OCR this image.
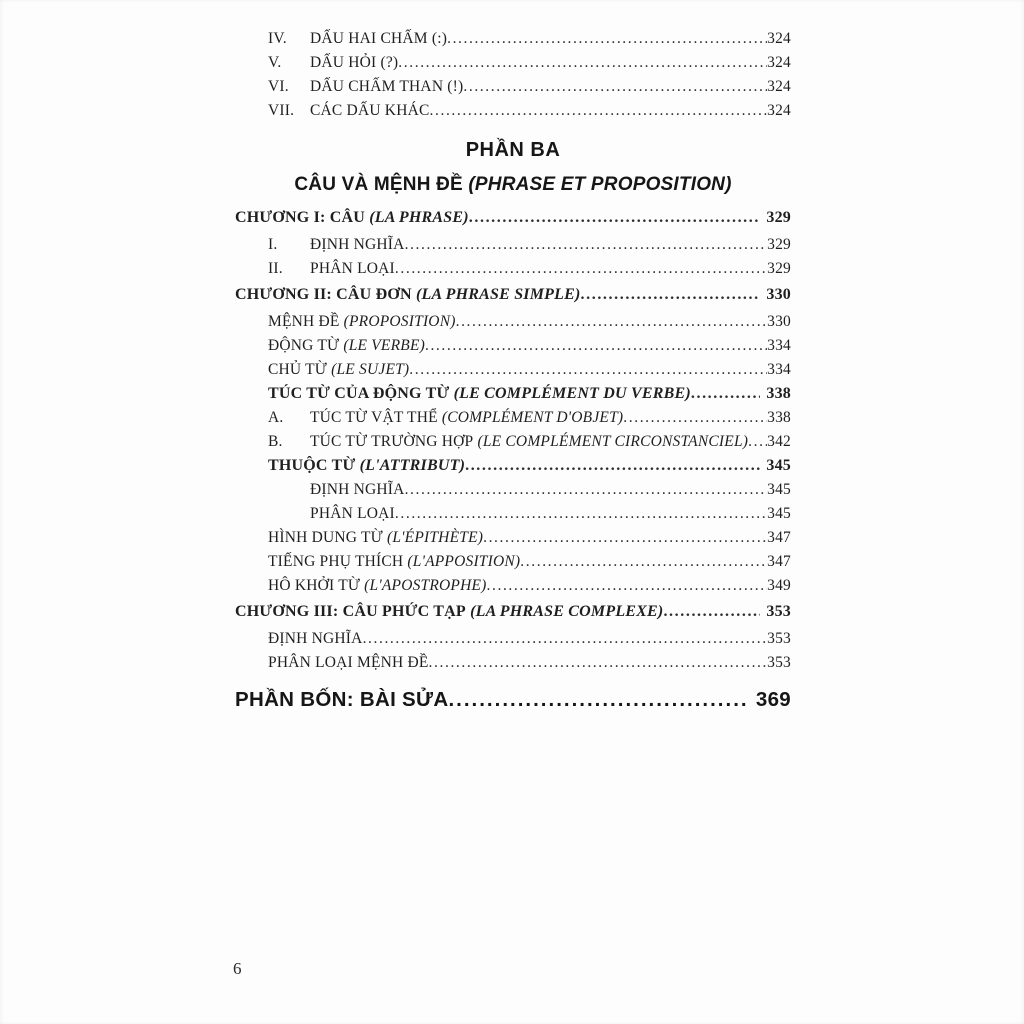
IV.	DẤU HAI CHẤM (:) .....	324
V.	DẤU HỎI (?) .....	324
VI.	DẤU CHẤM THAN (!) .....	324
VII.	CÁC DẤU KHÁC .....	324
PHẦN BA
CÂU VÀ MỆNH ĐỀ (PHRASE ET PROPOSITION)
CHƯƠNG I: CÂU (LA PHRASE) .....	329
I.	ĐỊNH NGHĨA .....	329
II.	PHÂN LOẠI .....	329
CHƯƠNG II: CÂU ĐƠN (LA PHRASE SIMPLE) .....	330
MỆNH ĐỀ (PROPOSITION) .....	330
ĐỘNG TỪ (LE VERBE) .....	334
CHỦ TỪ (LE SUJET) .....	334
TÚC TỪ CỦA ĐỘNG TỪ (LE COMPLÉMENT DU VERBE) .....	338
A.	TÚC TỪ VẬT THỂ (COMPLÉMENT D'OBJET) .....	338
B.	TÚC TỪ TRƯỜNG HỢP (LE COMPLÉMENT CIRCONSTANCIEL) ..... 342
THUỘC TỪ (L'ATTRIBUT) .....	345
ĐỊNH NGHĨA .....	345
PHÂN LOẠI .....	345
HÌNH DUNG TỪ (L'ÉPITHÈTE) .....	347
TIẾNG PHỤ THÍCH (L'APPOSITION) .....	347
HÔ KHỞI TỪ (L'APOSTROPHE) .....	349
CHƯƠNG III: CÂU PHỨC TẠP (LA PHRASE COMPLEXE) .....	353
ĐỊNH NGHĨA .....	353
PHÂN LOẠI MỆNH ĐỀ .....	353
PHẦN BỐN: BÀI SỬA .....	369
6
